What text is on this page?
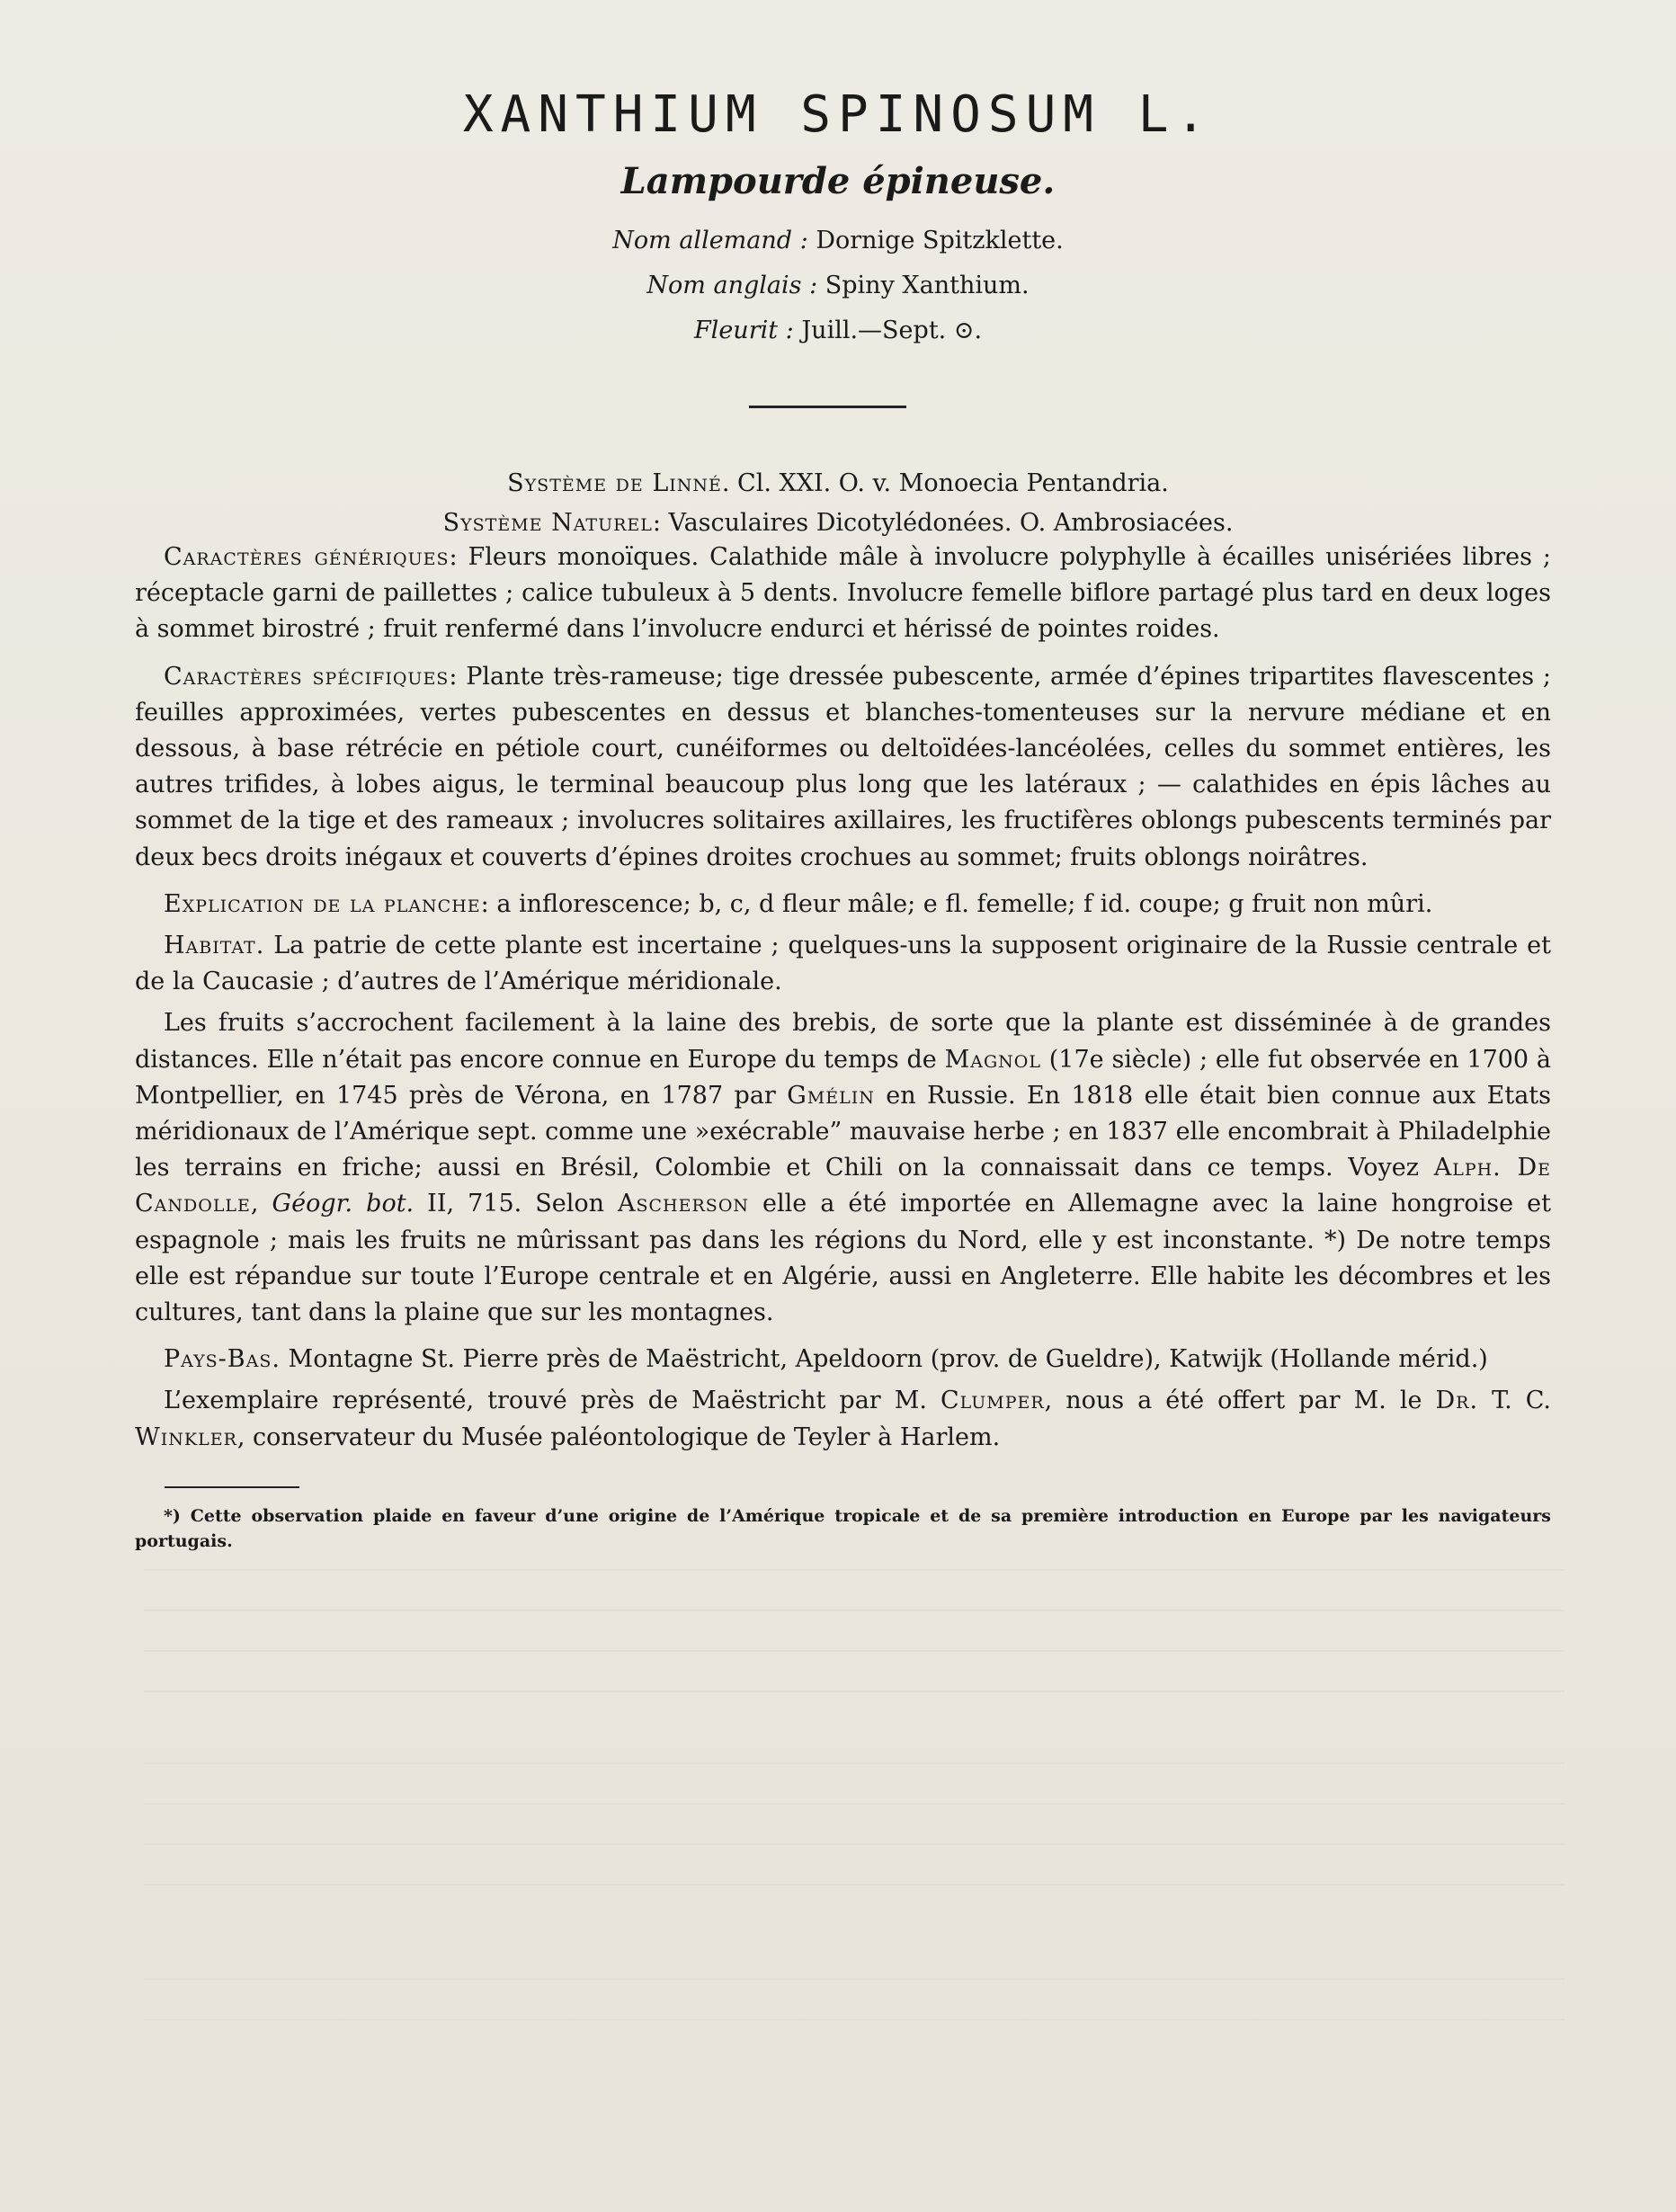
XANTHIUM SPINOSUM L.
Lampourde épineuse.

Nom allemand : Dornige Spitzklette.

Nom anglais : Spiny Xanthium.

Fleurit : Juill.—Sept. ⊙.

Système de Linné. Cl. XXI. O. v. Monoecia Pentandria.

Système Naturel: Vasculaires Dicotylédonées. O. Ambrosiacées.

Caractères génériques: Fleurs monoïques. Calathide mâle à involucre polyphylle à écailles unisériées libres ; réceptacle garni de paillettes ; calice tubuleux à 5 dents. Involucre femelle biflore partagé plus tard en deux loges à sommet birostré ; fruit renfermé dans l’involucre endurci et hérissé de pointes roides.

Caractères spécifiques: Plante très-rameuse; tige dressée pubescente, armée d’épines tripartites flavescentes ; feuilles approximées, vertes pubescentes en dessus et blanches-tomenteuses sur la nervure médiane et en dessous, à base rétrécie en pétiole court, cunéiformes ou deltoïdées-lancéolées, celles du sommet entières, les autres trifides, à lobes aigus, le terminal beaucoup plus long que les latéraux ; — calathides en épis lâches au sommet de la tige et des rameaux ; involucres solitaires axillaires, les fructifères oblongs pubescents terminés par deux becs droits inégaux et couverts d’épines droites crochues au sommet; fruits oblongs noirâtres.

Explication de la planche: a inflorescence; b, c, d fleur mâle; e fl. femelle; f id. coupe; g fruit non mûri.

Habitat. La patrie de cette plante est incertaine ; quelques-uns la supposent originaire de la Russie centrale et de la Caucasie ; d’autres de l’Amérique méridionale.

Les fruits s’accrochent facilement à la laine des brebis, de sorte que la plante est disséminée à de grandes distances. Elle n’était pas encore connue en Europe du temps de Magnol (17e siècle) ; elle fut observée en 1700 à Montpellier, en 1745 près de Vérona, en 1787 par Gmélin en Russie. En 1818 elle était bien connue aux Etats méridionaux de l’Amérique sept. comme une »exécrable” mauvaise herbe ; en 1837 elle encombrait à Philadelphie les terrains en friche; aussi en Brésil, Colombie et Chili on la connaissait dans ce temps. Voyez Alph. De Candolle, Géogr. bot. II, 715. Selon Ascherson elle a été importée en Allemagne avec la laine hongroise et espagnole ; mais les fruits ne mûrissant pas dans les régions du Nord, elle y est inconstante. *) De notre temps elle est répandue sur toute l’Europe centrale et en Algérie, aussi en Angleterre. Elle habite les décombres et les cultures, tant dans la plaine que sur les montagnes.

Pays-Bas. Montagne St. Pierre près de Maëstricht, Apeldoorn (prov. de Gueldre), Katwijk (Hollande mérid.)

L’exemplaire représenté, trouvé près de Maëstricht par M. Clumper, nous a été offert par M. le Dr. T. C. Winkler, conservateur du Musée paléontologique de Teyler à Harlem.

*) Cette observation plaide en faveur d’une origine de l’Amérique tropicale et de sa première introduction en Europe par les navigateurs portugais.
